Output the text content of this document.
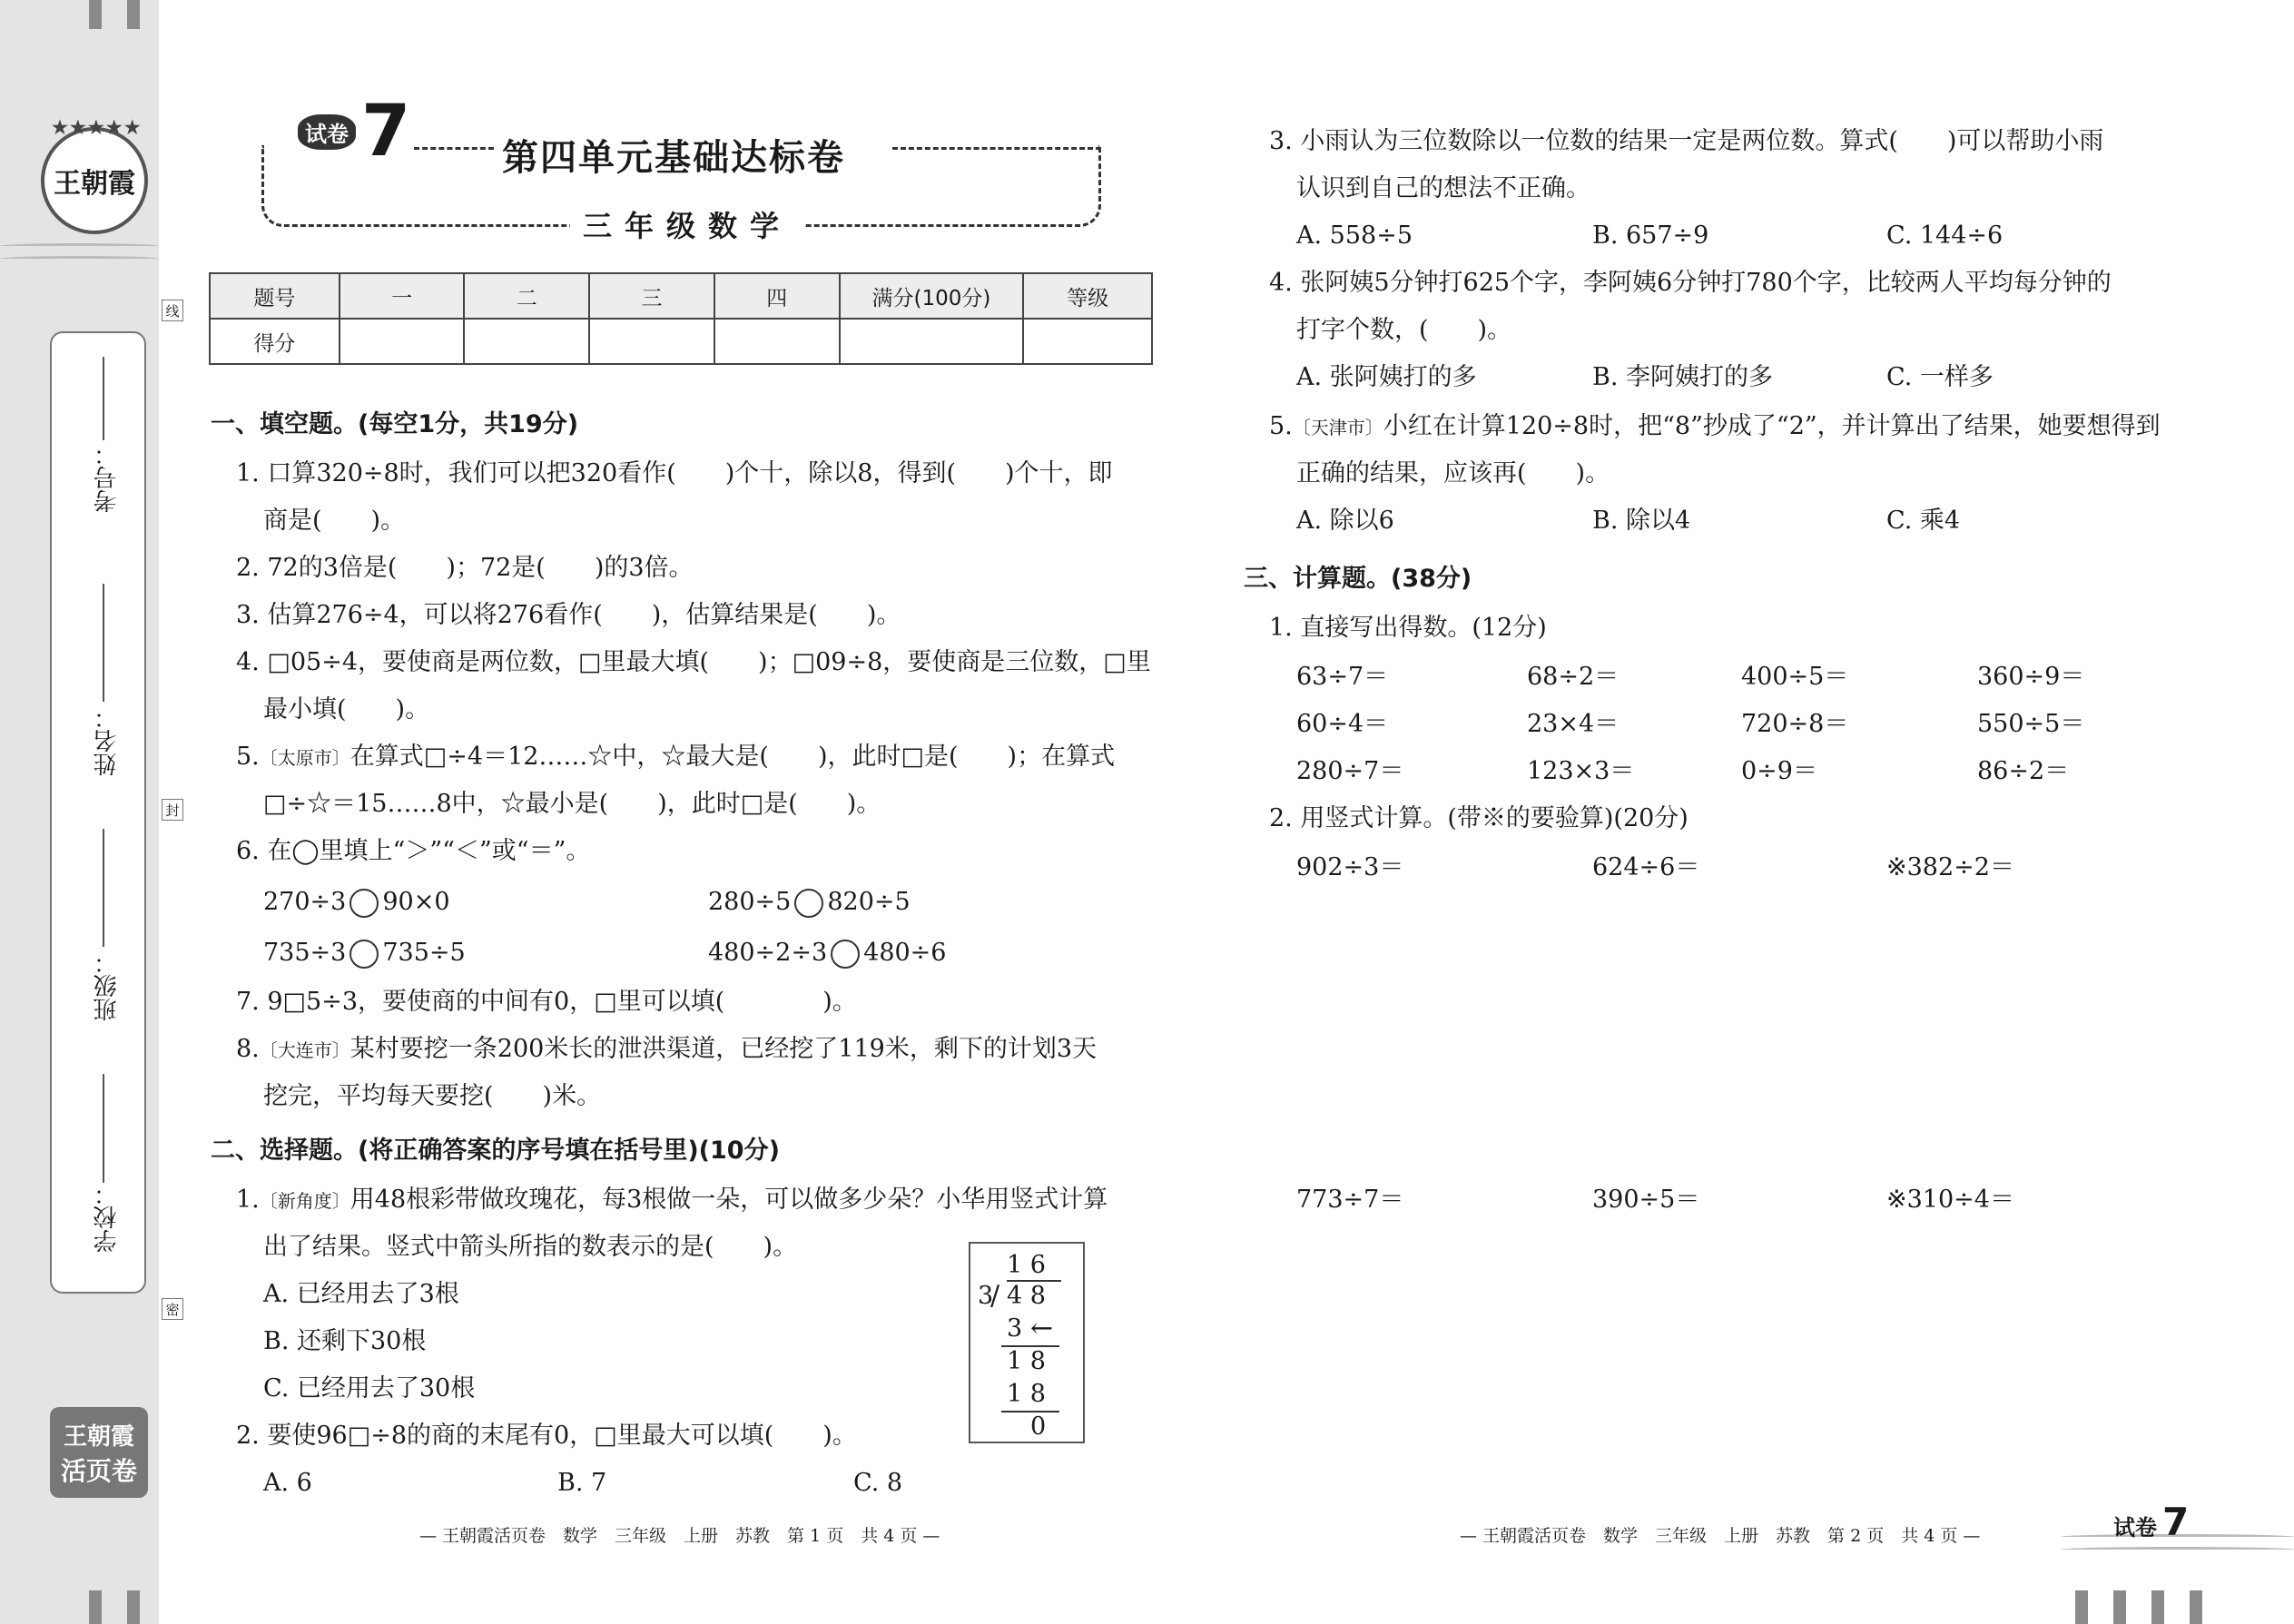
★★★★★
王朝霞
考号：
姓名：
班级：
学校：
王朝霞
活页卷
线
封
密
试卷 7	第四单元基础达标卷
三年级数学
题号	一	二	三	四	满分(100分)	等级
得分						
一、填空题。(每空1分，共19分)
1. 口算320÷8时，我们可以把320看作(　　)个十，除以8，得到(　　)个十，即
商是(　　)。
2. 72的3倍是(　　)；72是(　　)的3倍。
3. 估算276÷4，可以将276看作(　　)，估算结果是(　　)。
4. □05÷4，要使商是两位数，□里最大填(　　)；□09÷8，要使商是三位数，□里
最小填(　　)。
5.〔太原市〕在算式□÷4＝12……☆中，☆最大是(　　)，此时□是(　　)；在算式
□÷☆＝15……8中，☆最小是(　　)，此时□是(　　)。
6. 在◯里填上“＞”“＜”或“＝”。
270÷3 90×0	280÷5 820÷5
735÷3 735÷5	480÷2÷3 480÷6
7. 9□5÷3，要使商的中间有0，□里可以填(　　　　)。
8.〔大连市〕某村要挖一条200米长的泄洪渠道，已经挖了119米，剩下的计划3天
挖完，平均每天要挖(　　)米。
二、选择题。(将正确答案的序号填在括号里)(10分)
1.〔新角度〕用48根彩带做玫瑰花，每3根做一朵，可以做多少朵？小华用竖式计算
出了结果。竖式中箭头所指的数表示的是(　　)。
A. 已经用去了3根
B. 还剩下30根
C. 已经用去了30根
1 6
3
/ 4 8
3 ←
1 8
1 8
0
2. 要使96□÷8的商的末尾有0，□里最大可以填(　　)。
A. 6	B. 7	C. 8
3. 小雨认为三位数除以一位数的结果一定是两位数。算式(　　)可以帮助小雨
认识到自己的想法不正确。
A. 558÷5	B. 657÷9	C. 144÷6
4. 张阿姨5分钟打625个字，李阿姨6分钟打780个字，比较两人平均每分钟的
打字个数，(　　)。
A. 张阿姨打的多	B. 李阿姨打的多	C. 一样多
5.〔天津市〕小红在计算120÷8时，把“8”抄成了“2”，并计算出了结果，她要想得到
正确的结果，应该再(　　)。
A. 除以6	B. 除以4	C. 乘4
三、计算题。(38分)
1. 直接写出得数。(12分)
63÷7＝	68÷2＝	400÷5＝	360÷9＝
60÷4＝	23×4＝	720÷8＝	550÷5＝
280÷7＝	123×3＝	0÷9＝	86÷2＝
2. 用竖式计算。(带※的要验算)(20分)
902÷3＝	624÷6＝	※382÷2＝
773÷7＝	390÷5＝	※310÷4＝
— 王朝霞活页卷　数学　三年级　上册　苏教　第 1 页　共 4 页 —	— 王朝霞活页卷　数学　三年级　上册　苏教　第 2 页　共 4 页 —	试卷 7
